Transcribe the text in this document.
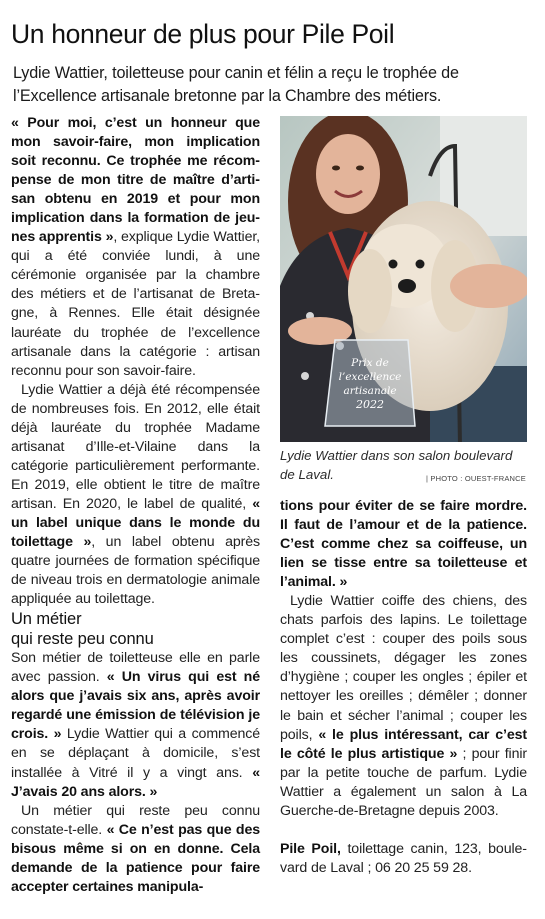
Un honneur de plus pour Pile Poil

Lydie Wattier, toiletteuse pour canin et félin a reçu le trophée de l’Excellence artisanale bretonne par la Chambre des métiers.

« Pour moi, c’est un honneur que mon savoir-faire, mon implication soit reconnu. Ce trophée me récompense de mon titre de maître d’artisan obtenu en 2019 et pour mon implication dans la formation de jeunes apprentis », explique Lydie Wattier, qui a été conviée lundi, à une cérémonie organisée par la chambre des métiers et de l’artisanat de Bretagne, à Rennes. Elle était désignée lauréate du trophée de l’excellence artisanale dans la catégorie : artisan reconnu pour son savoir-faire.

Lydie Wattier a déjà été récompensée de nombreuses fois. En 2012, elle était déjà lauréate du trophée Madame artisanat d’Ille-et-Vilaine dans la catégorie particulièrement performante. En 2019, elle obtient le titre de maître artisan. En 2020, le label de qualité, « un label unique dans le monde du toilettage », un label obtenu après quatre journées de formation spécifique de niveau trois en dermatologie animale appliquée au toilettage.

Un métier
qui reste peu connu

Son métier de toiletteuse elle en parle avec passion. « Un virus qui est né alors que j’avais six ans, après avoir regardé une émission de télévision je crois. » Lydie Wattier qui a commencé en se déplaçant à domicile, s’est installée à Vitré il y a vingt ans. « J’avais 20 ans alors. »

Un métier qui reste peu connu constate-t-elle. « Ce n’est pas que des bisous même si on en donne. Cela demande de la patience pour faire accepter certaines manipula-

Prix de
l’excellence
artisanale
2022
Lydie Wattier dans son salon boulevard de Laval.	| PHOTO : OUEST-FRANCE

tions pour éviter de se faire mordre. Il faut de l’amour et de la patience. C’est comme chez sa coiffeuse, un lien se tisse entre sa toiletteuse et l’animal. »

Lydie Wattier coiffe des chiens, des chats parfois des lapins. Le toilettage complet c’est : couper des poils sous les coussinets, dégager les zones d’hygiène ; couper les ongles ; épiler et nettoyer les oreilles ; démêler ; donner le bain et sécher l’animal ; couper les poils, « le plus intéressant, car c’est le côté le plus artistique » ; pour finir par la petite touche de parfum. Lydie Wattier a également un salon à La Guerche-de-Bretagne depuis 2003.

Pile Poil, toilettage canin, 123, boulevard de Laval ; 06 20 25 59 28.
